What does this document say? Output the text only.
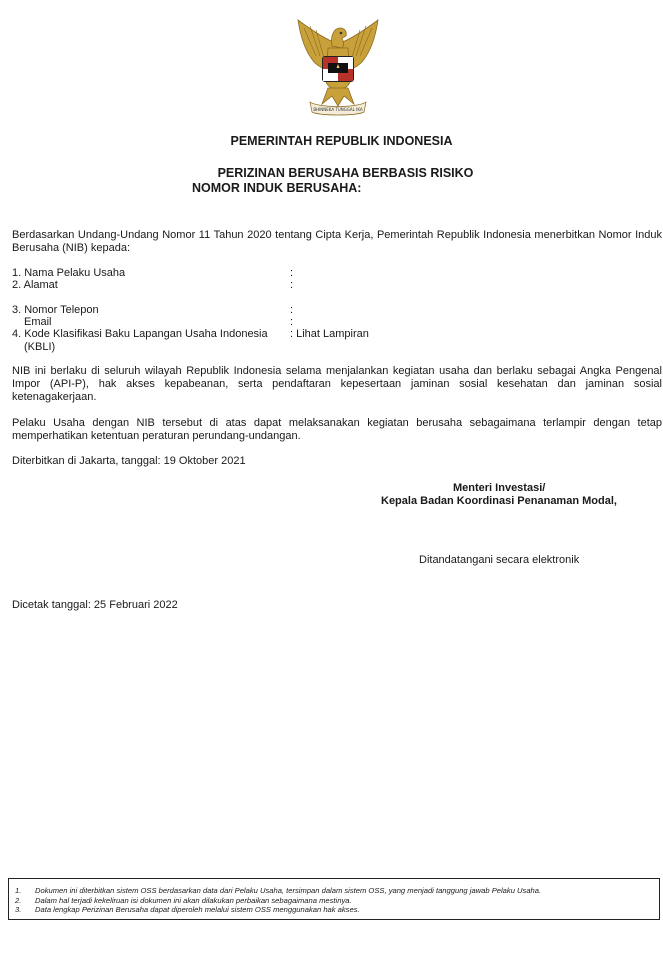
BHINNEKA TUNGGAL IKA
PEMERINTAH REPUBLIK INDONESIA
PERIZINAN BERUSAHA BERBASIS RISIKO
NOMOR INDUK BERUSAHA:
Berdasarkan Undang-Undang Nomor 11 Tahun 2020 tentang Cipta Kerja, Pemerintah Republik Indonesia menerbitkan Nomor Induk Berusaha (NIB) kepada:
1. Nama Pelaku Usaha	:
2. Alamat	:
3. Nomor Telepon	:
Email	:
4. Kode Klasifikasi Baku Lapangan Usaha Indonesia
(KBLI)
: Lihat Lampiran
NIB ini berlaku di seluruh wilayah Republik Indonesia selama menjalankan kegiatan usaha dan berlaku sebagai Angka Pengenal Impor (API-P), hak akses kepabeanan, serta pendaftaran kepesertaan jaminan sosial kesehatan dan jaminan sosial ketenagakerjaan.
Pelaku Usaha dengan NIB tersebut di atas dapat melaksanakan kegiatan berusaha sebagaimana terlampir dengan tetap memperhatikan ketentuan peraturan perundang-undangan.
Diterbitkan di Jakarta, tanggal: 19 Oktober 2021
Menteri Investasi/
Kepala Badan Koordinasi Penanaman Modal,
Ditandatangani secara elektronik
Dicetak tanggal: 25 Februari 2022
1.	Dokumen ini diterbitkan sistem OSS berdasarkan data dari Pelaku Usaha, tersimpan dalam sistem OSS, yang menjadi tanggung jawab Pelaku Usaha.
2.	Dalam hal terjadi kekeliruan isi dokumen ini akan dilakukan perbaikan sebagaimana mestinya.
3.	Data lengkap Perizinan Berusaha dapat diperoleh melalui sistem OSS menggunakan hak akses.
